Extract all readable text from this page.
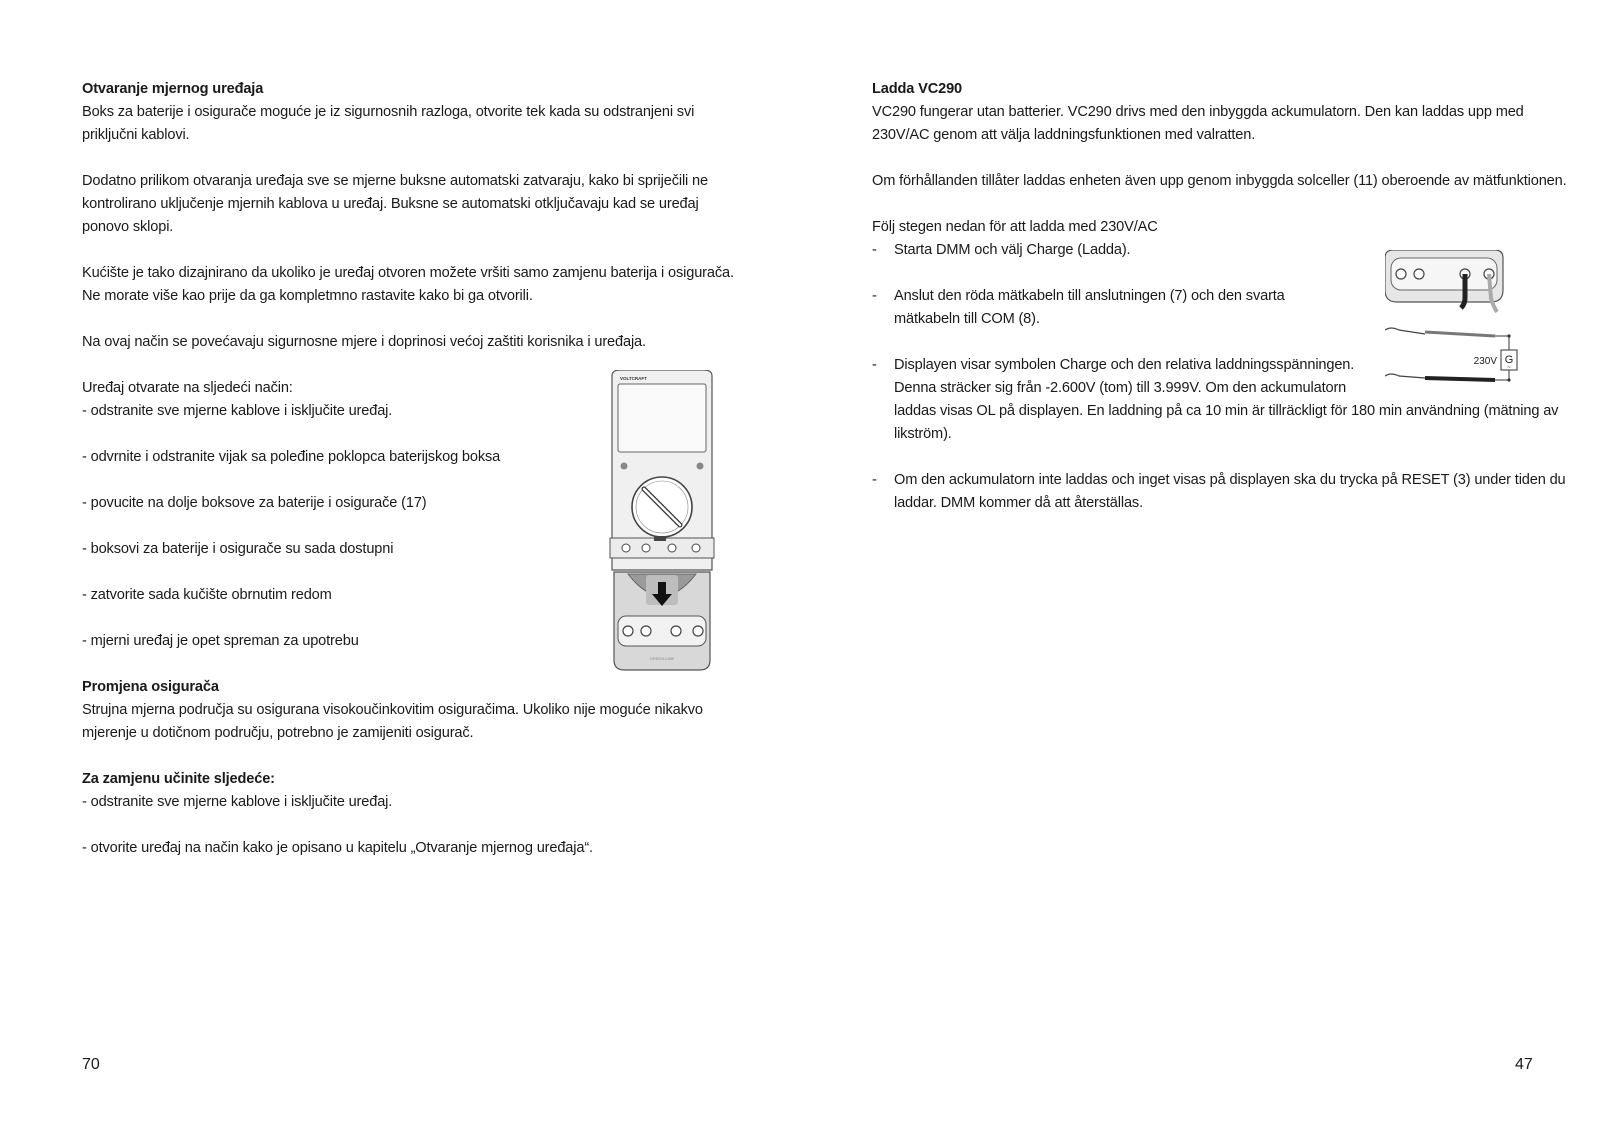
Otvaranje mjernog uređaja

Boks za baterije i osigurače moguće je iz sigurnosnih razloga, otvorite tek kada su odstranjeni svi priključni kablovi.

Dodatno prilikom otvaranja uređaja sve se mjerne buksne automatski zatvaraju, kako bi spriječili ne kontrolirano uključenje mjernih kablova u uređaj. Buksne se automatski otključavaju kad se uređaj ponovo sklopi.

Kućište je tako dizajnirano da ukoliko je uređaj otvoren možete vršiti samo zamjenu baterija i osigurača. Ne morate više kao prije da ga kompletmno rastavite kako bi ga otvorili.

Na ovaj način se povećavaju sigurnosne mjere i doprinosi većoj zaštiti korisnika i uređaja.

Uređaj otvarate na sljedeći način:

- odstranite sve mjerne kablove i isključite uređaj.
- odvrnite i odstranite vijak sa poleđine poklopca baterijskog boksa
- povucite na dolje boksove za baterije i osigurače (17)
- boksovi za baterije i osigurače su sada dostupni
- zatvorite sada kučište obrnutim redom
- mjerni uređaj je opet spreman za upotrebu

Promjena osigurača

Strujna mjerna područja su osigurana visokoučinkovitim osiguračima. Ukoliko nije moguće nikakvo mjerenje u dotičnom području, potrebno je zamijeniti osigurač.

Za zamjenu učinite sljedeće:

- odstranite sve mjerne kablove i isključite uređaj.
- otvorite uređaj na način kako je opisano u kapitelu „Otvaranje mjernog uređaja“.
VOLTCRAFT
GREEN-LINE
70

Ladda VC290

VC290 fungerar utan batterier. VC290 drivs med den inbyggda ackumulatorn. Den kan laddas upp med 230V/AC genom att välja laddningsfunktionen med valratten.

Om förhållanden tillåter laddas enheten även upp genom inbyggda solceller (11) oberoende av mätfunktionen.

Följ stegen nedan för att ladda med 230V/AC

- Starta DMM och välj Charge (Ladda).
- Anslut den röda mätkabeln till anslutningen (7) och den svarta mätkabeln till COM (8).
- Displayen visar symbolen Charge och den relativa laddningsspänningen.
Denna sträcker sig från -2.600V (tom) till 3.999V. Om den ackumulatorn
laddas visas OL på displayen. En laddning på ca 10 min är tillräckligt för 180 min användning (mätning av likström).
- Om den ackumulatorn inte laddas och inget visas på displayen ska du trycka på RESET (3) under tiden du laddar. DMM kommer då att återställas.
G
~
230V
47
